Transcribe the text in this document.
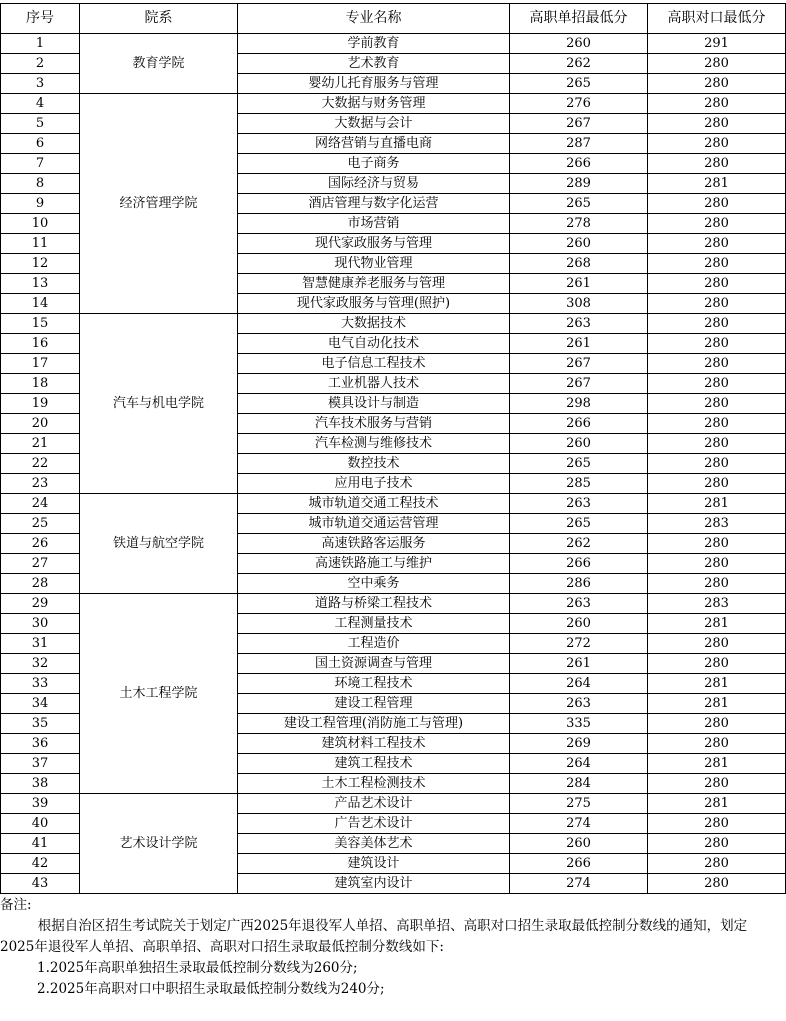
序号	院系	专业名称	高职单招最低分	高职对口最低分
1	教育学院	学前教育	260	291
2		艺术教育	262	280
3		婴幼儿托育服务与管理	265	280
4	经济管理学院	大数据与财务管理	276	280
5		大数据与会计	267	280
6		网络营销与直播电商	287	280
7		电子商务	266	280
8		国际经济与贸易	289	281
9		酒店管理与数字化运营	265	280
10		市场营销	278	280
11		现代家政服务与管理	260	280
12		现代物业管理	268	280
13		智慧健康养老服务与管理	261	280
14		现代家政服务与管理(照护)	308	280
15	汽车与机电学院	大数据技术	263	280
16		电气自动化技术	261	280
17		电子信息工程技术	267	280
18		工业机器人技术	267	280
19		模具设计与制造	298	280
20		汽车技术服务与营销	266	280
21		汽车检测与维修技术	260	280
22		数控技术	265	280
23		应用电子技术	285	280
24	铁道与航空学院	城市轨道交通工程技术	263	281
25		城市轨道交通运营管理	265	283
26		高速铁路客运服务	262	280
27		高速铁路施工与维护	266	280
28		空中乘务	286	280
29	土木工程学院	道路与桥梁工程技术	263	283
30		工程测量技术	260	281
31		工程造价	272	280
32		国土资源调查与管理	261	280
33		环境工程技术	264	281
34		建设工程管理	263	281
35		建设工程管理(消防施工与管理)	335	280
36		建筑材料工程技术	269	280
37		建筑工程技术	264	281
38		土木工程检测技术	284	280
39	艺术设计学院	产品艺术设计	275	281
40		广告艺术设计	274	280
41		美容美体艺术	260	280
42		建筑设计	266	280
43		建筑室内设计	274	280

备注:

根据自治区招生考试院关于划定广西2025年退役军人单招、高职单招、高职对口招生录取最低控制分数线的通知，划定2025年退役军人单招、高职单招、高职对口招生录取最低控制分数线如下:

1.2025年高职单独招生录取最低控制分数线为260分;

2.2025年高职对口中职招生录取最低控制分数线为240分;
